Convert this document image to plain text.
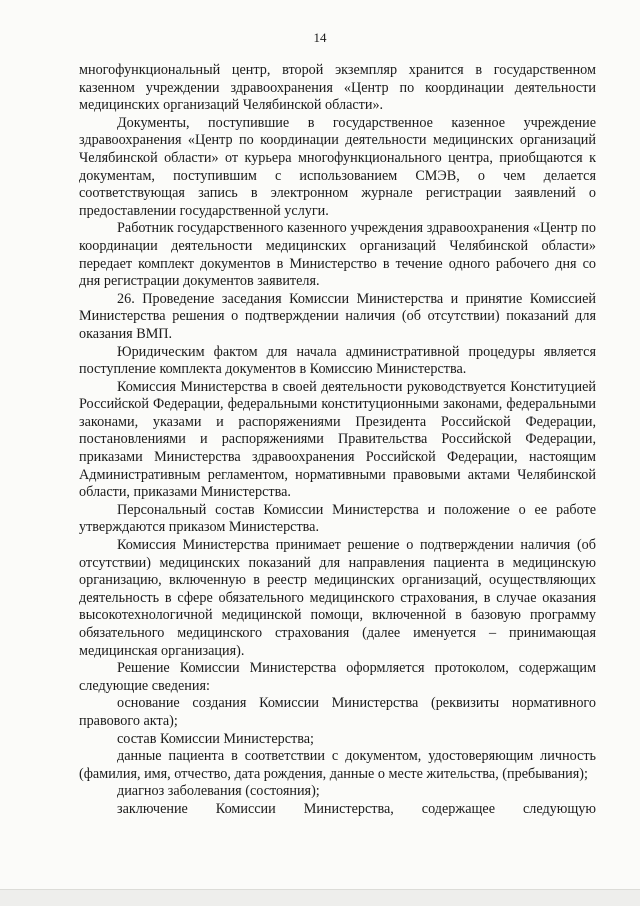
14

многофункциональный центр, второй экземпляр хранится в государственном казенном учреждении здравоохранения «Центр по координации деятельности медицинских организаций Челябинской области».

Документы, поступившие в государственное казенное учреждение здравоохранения «Центр по координации деятельности медицинских организаций Челябинской области» от курьера многофункционального центра, приобщаются к документам, поступившим с использованием СМЭВ, о чем делается соответствующая запись в электронном журнале регистрации заявлений о предоставлении государственной услуги.

Работник государственного казенного учреждения здравоохранения «Центр по координации деятельности медицинских организаций Челябинской области» передает комплект документов в Министерство в течение одного рабочего дня со дня регистрации документов заявителя.

26. Проведение заседания Комиссии Министерства и принятие Комиссией Министерства решения о подтверждении наличия (об отсутствии) показаний для оказания ВМП.

Юридическим фактом для начала административной процедуры является поступление комплекта документов в Комиссию Министерства.

Комиссия Министерства в своей деятельности руководствуется Конституцией Российской Федерации, федеральными конституционными законами, федеральными законами, указами и распоряжениями Президента Российской Федерации, постановлениями и распоряжениями Правительства Российской Федерации, приказами Министерства здравоохранения Российской Федерации, настоящим Административным регламентом, нормативными правовыми актами Челябинской области, приказами Министерства.

Персональный состав Комиссии Министерства и положение о ее работе утверждаются приказом Министерства.

Комиссия Министерства принимает решение о подтверждении наличия (об отсутствии) медицинских показаний для направления пациента в медицинскую организацию, включенную в реестр медицинских организаций, осуществляющих деятельность в сфере обязательного медицинского страхования, в случае оказания высокотехнологичной медицинской помощи, включенной в базовую программу обязательного медицинского страхования (далее именуется – принимающая медицинская организация).

Решение Комиссии Министерства оформляется протоколом, содержащим следующие сведения:

основание создания Комиссии Министерства (реквизиты нормативного правового акта);

состав Комиссии Министерства;

данные пациента в соответствии с документом, удостоверяющим личность (фамилия, имя, отчество, дата рождения, данные о месте жительства, (пребывания);

диагноз заболевания (состояния);

заключение Комиссии Министерства, содержащее следующую
